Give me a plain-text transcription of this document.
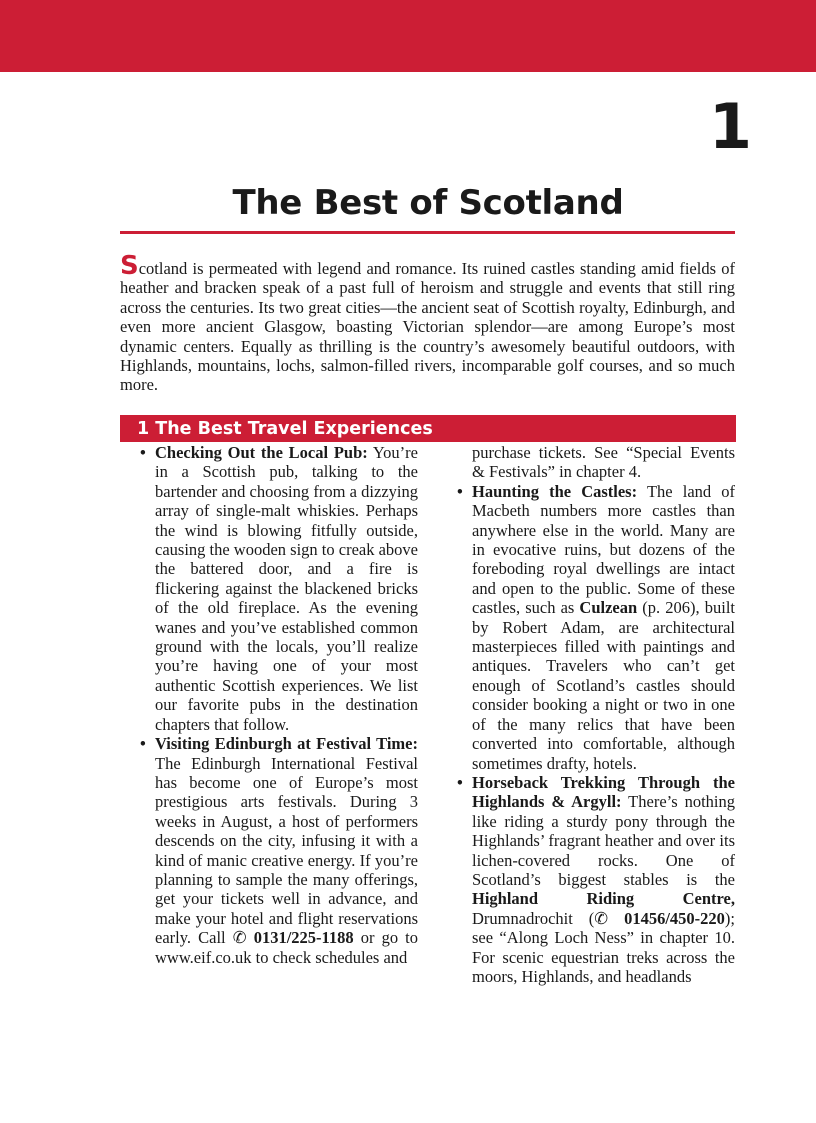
1
The Best of Scotland

Scotland is permeated with legend and romance. Its ruined castles standing amid fields of heather and bracken speak of a past full of heroism and struggle and events that still ring across the centuries. Its two great cities—the ancient seat of Scottish royalty, Edinburgh, and even more ancient Glasgow, boasting Victorian splendor—are among Europe’s most dynamic centers. Equally as thrilling is the country’s awesomely beautiful outdoors, with Highlands, mountains, lochs, salmon-filled rivers, incomparable golf courses, and so much more.

1 The Best Travel Experiences
• Checking Out the Local Pub: You’re in a Scottish pub, talking to the bartender and choosing from a dizzying array of single-malt whiskies. Perhaps the wind is blowing fitfully outside, causing the wooden sign to creak above the battered door, and a fire is flickering against the blackened bricks of the old fireplace. As the evening wanes and you’ve established common ground with the locals, you’ll realize you’re having one of your most authentic Scottish experiences. We list our favorite pubs in the destination chapters that follow.
• Visiting Edinburgh at Festival Time: The Edinburgh International Festival has become one of Europe’s most prestigious arts festivals. During 3 weeks in August, a host of performers descends on the city, infusing it with a kind of manic creative energy. If you’re planning to sample the many offerings, get your tickets well in advance, and make your hotel and flight reservations early. Call ✆ 0131/225-1188 or go to www.eif.co.uk to check schedules and
purchase tickets. See “Special Events & Festivals” in chapter 4.
• Haunting the Castles: The land of Macbeth numbers more castles than anywhere else in the world. Many are in evocative ruins, but dozens of the foreboding royal dwellings are intact and open to the public. Some of these castles, such as Culzean (p. 206), built by Robert Adam, are architectural masterpieces filled with paintings and antiques. Travelers who can’t get enough of Scotland’s castles should consider booking a night or two in one of the many relics that have been converted into comfortable, although sometimes drafty, hotels.
• Horseback Trekking Through the Highlands & Argyll: There’s nothing like riding a sturdy pony through the Highlands’ fragrant heather and over its lichen-covered rocks. One of Scotland’s biggest stables is the Highland Riding Centre, Drumnadrochit (✆ 01456/450-220); see “Along Loch Ness” in chapter 10. For scenic equestrian treks across the moors, Highlands, and headlands
